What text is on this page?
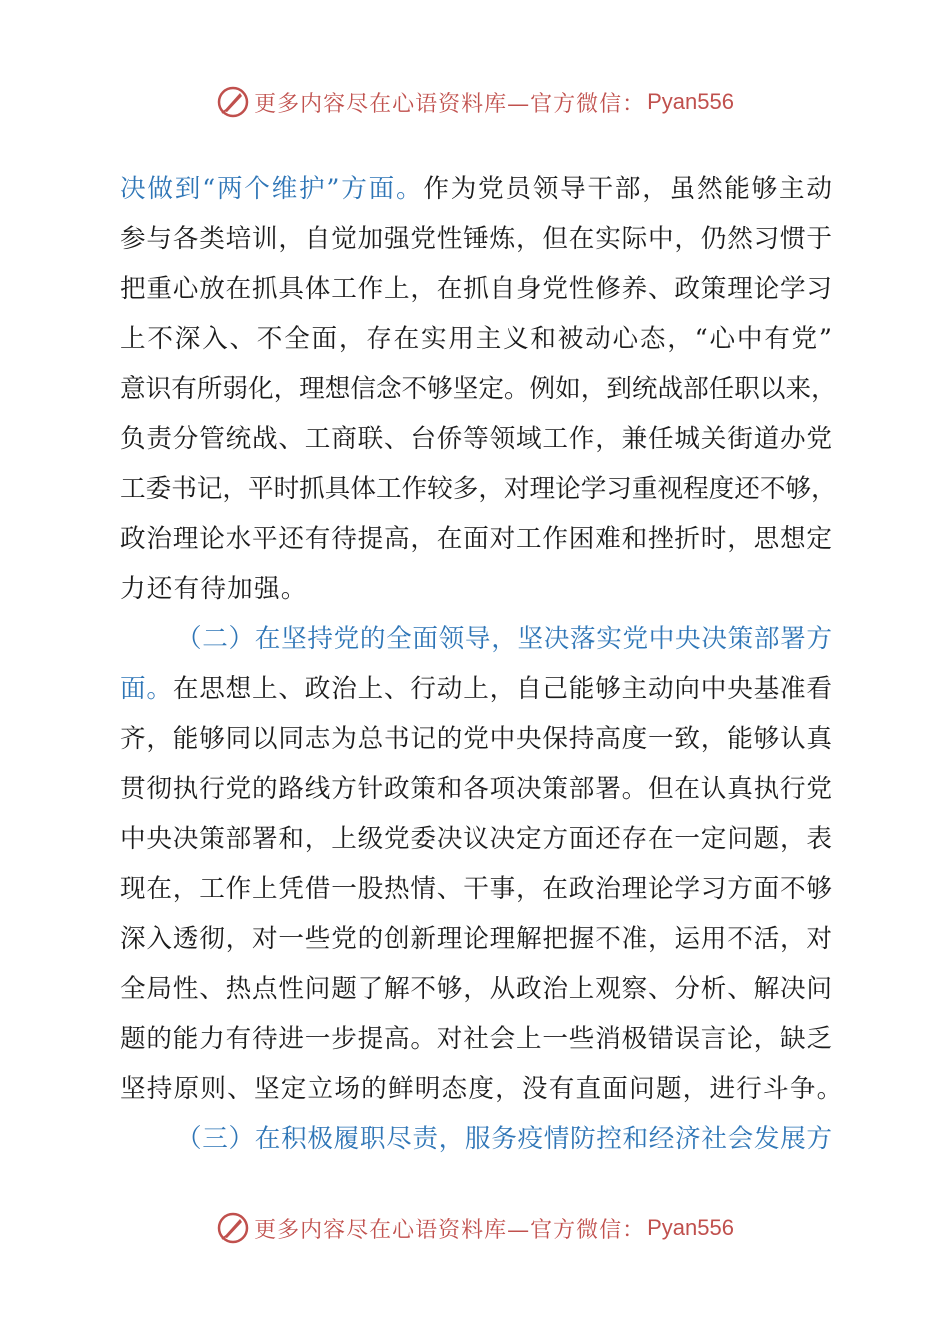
更多内容尽在心语资料库—官方微信： Pyan556
决做到“两个维护”方面。作为党员领导干部，虽然能够主动
参与各类培训，自觉加强党性锤炼，但在实际中，仍然习惯于
把重心放在抓具体工作上，在抓自身党性修养、政策理论学习
上不深入、不全面，存在实用主义和被动心态，“心中有党”
意识有所弱化，理想信念不够坚定。例如，到统战部任职以来，
负责分管统战、工商联、台侨等领域工作，兼任城关街道办党
工委书记，平时抓具体工作较多，对理论学习重视程度还不够，
政治理论水平还有待提高，在面对工作困难和挫折时，思想定
力还有待加强。
（二）在坚持党的全面领导，坚决落实党中央决策部署方
面。在思想上、政治上、行动上，自己能够主动向中央基准看
齐，能够同以同志为总书记的党中央保持高度一致，能够认真
贯彻执行党的路线方针政策和各项决策部署。但在认真执行党
中央决策部署和，上级党委决议决定方面还存在一定问题，表
现在，工作上凭借一股热情、干事，在政治理论学习方面不够
深入透彻，对一些党的创新理论理解把握不准，运用不活，对
全局性、热点性问题了解不够，从政治上观察、分析、解决问
题的能力有待进一步提高。对社会上一些消极错误言论，缺乏
坚持原则、坚定立场的鲜明态度，没有直面问题，进行斗争。
（三）在积极履职尽责，服务疫情防控和经济社会发展方
更多内容尽在心语资料库—官方微信： Pyan556
